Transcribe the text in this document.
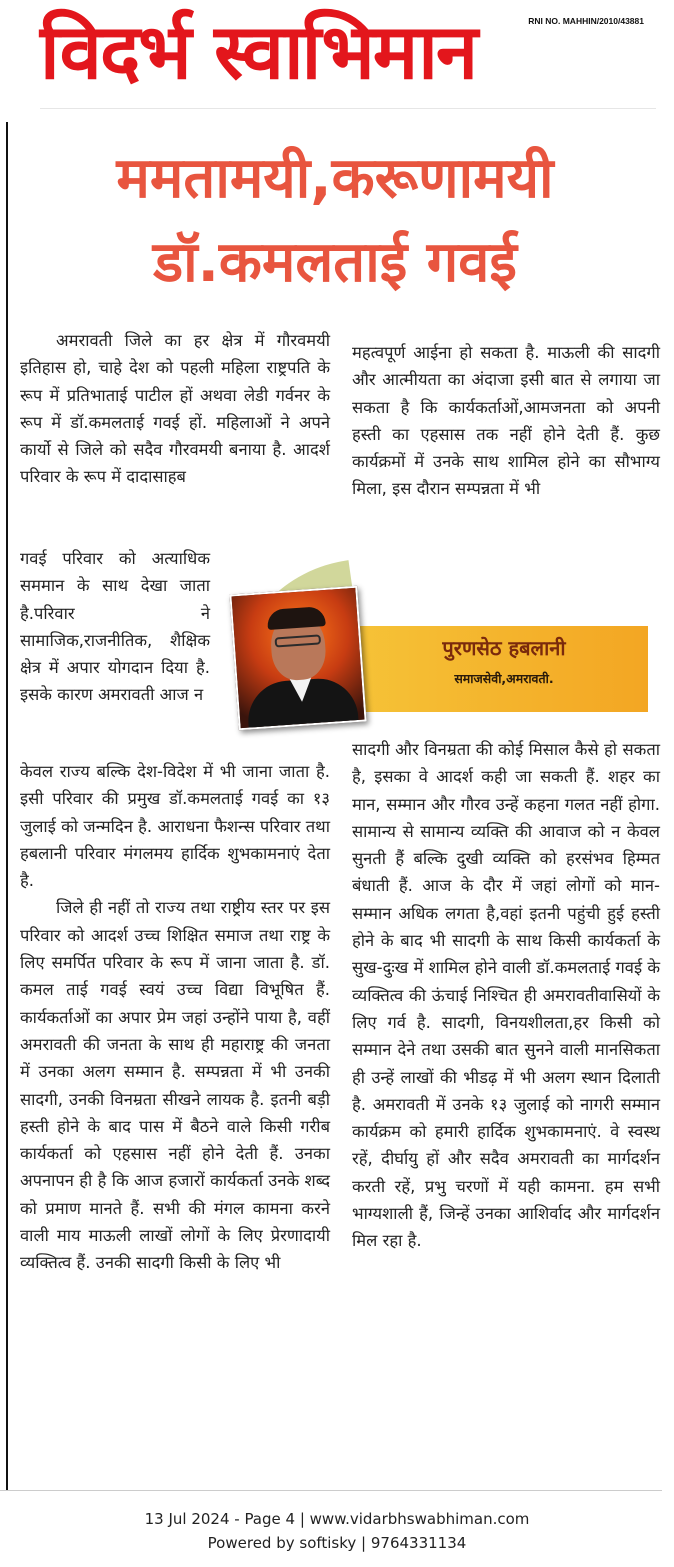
विदर्भ स्वाभिमान	RNI NO. MAHHIN/2010/43881
ममतामयी,करूणामयी
डॉ.कमलताई गवई

अमरावती जिले का हर क्षेत्र में गौरवमयी इतिहास हो, चाहे देश को पहली महिला राष्ट्रपति के रूप में प्रतिभाताई पाटील हों अथवा लेडी गर्वनर के रूप में डॉ.कमलताई गवई हों. महिलाओं ने अपने कार्यो से जिले को सदैव गौरवमयी बनाया है. आदर्श परिवार के रूप में दादासाहब

गवई परिवार को अत्याधिक सममान के साथ देखा जाता है.परिवार ने सामाजिक,राजनीतिक, शैक्षिक क्षेत्र में अपार योगदान दिया है. इसके कारण अमरावती आज न

केवल राज्य बल्कि देश-विदेश में भी जाना जाता है. इसी परिवार की प्रमुख डॉ.कमलताई गवई का १३ जुलाई को जन्मदिन है. आराधना फैशन्स परिवार तथा हबलानी परिवार मंगलमय हार्दिक शुभकामनाएं देता है.

जिले ही नहीं तो राज्य तथा राष्ट्रीय स्तर पर इस परिवार को आदर्श उच्च शिक्षित समाज तथा राष्ट्र के लिए समर्पित परिवार के रूप में जाना जाता है. डॉ. कमल ताई गवई स्वयं उच्च विद्या विभूषित हैं. कार्यकर्ताओं का अपार प्रेम जहां उन्होंने पाया है, वहीं अमरावती की जनता के साथ ही महाराष्ट्र की जनता में उनका अलग सम्मान है. सम्पन्नता में भी उनकी सादगी, उनकी विनम्रता सीखने लायक है. इतनी बड़ी हस्ती होने के बाद पास में बैठने वाले किसी गरीब कार्यकर्ता को एहसास नहीं होने देती हैं. उनका अपनापन ही है कि आज हजारों कार्यकर्ता उनके शब्द को प्रमाण मानते हैं. सभी की मंगल कामना करने वाली माय माऊली लाखों लोगों के लिए प्रेरणादायी व्यक्तित्व हैं. उनकी सादगी किसी के लिए भी

महत्वपूर्ण आईना हो सकता है. माऊली की सादगी और आत्मीयता का अंदाजा इसी बात से लगाया जा सकता है कि कार्यकर्ताओं,आमजनता को अपनी हस्ती का एहसास तक नहीं होने देती हैं. कुछ कार्यक्रमों में उनके साथ शामिल होने का सौभाग्य मिला, इस दौरान सम्पन्नता में भी

सादगी और विनम्रता की कोई मिसाल कैसे हो सकता है, इसका वे आदर्श कही जा सकती हैं. शहर का मान, सम्मान और गौरव उन्हें कहना गलत नहीं होगा. सामान्य से सामान्य व्यक्ति की आवाज को न केवल सुनती हैं बल्कि दुखी व्यक्ति को हरसंभव हिम्मत बंधाती हैं. आज के दौर में जहां लोगों को मान-सम्मान अधिक लगता है,वहां इतनी पहुंची हुई हस्ती होने के बाद भी सादगी के साथ किसी कार्यकर्ता के सुख-दुःख में शामिल होने वाली डॉ.कमलताई गवई के व्यक्तित्व की ऊंचाई निश्चित ही अमरावतीवासियों के लिए गर्व है. सादगी, विनयशीलता,हर किसी को सम्मान देने तथा उसकी बात सुनने वाली मानसिकता ही उन्हें लाखों की भीडढ़ में भी अलग स्थान दिलाती है. अमरावती में उनके १३ जुलाई को नागरी सम्मान कार्यक्रम को हमारी हार्दिक शुभकामनाएं. वे स्वस्थ रहें, दीर्घायु हों और सदैव अमरावती का मार्गदर्शन करती रहें, प्रभु चरणों में यही कामना. हम सभी भाग्यशाली हैं, जिन्हें उनका आशिर्वाद और मार्गदर्शन मिल रहा है.

पुरणसेठ हबलानी
समाजसेवी,अमरावती.
13 Jul 2024 - Page 4 | www.vidarbhswabhiman.com
Powered by softisky | 9764331134
